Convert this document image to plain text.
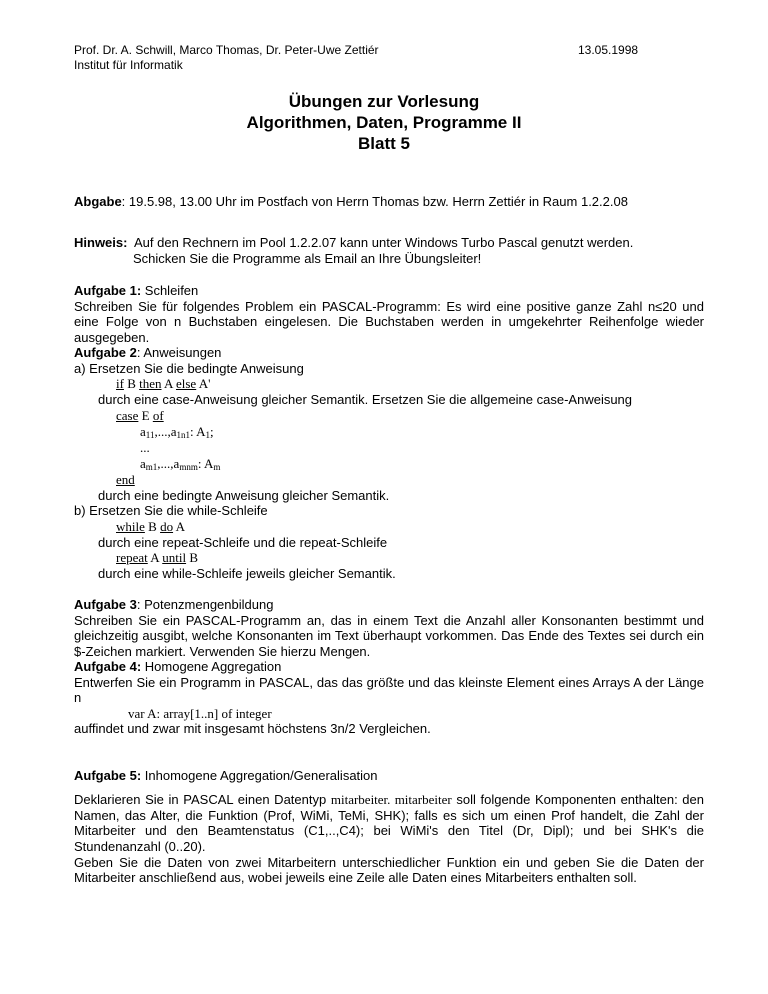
Prof. Dr. A. Schwill, Marco Thomas, Dr. Peter-Uwe Zettiér
Institut für Informatik
13.05.1998
Übungen zur Vorlesung
Algorithmen, Daten, Programme II
Blatt 5
Abgabe: 19.5.98, 13.00 Uhr im Postfach von Herrn Thomas bzw. Herrn Zettiér in Raum 1.2.2.08
Hinweis: Auf den Rechnern im Pool 1.2.2.07 kann unter Windows Turbo Pascal genutzt werden.
Schicken Sie die Programme als Email an Ihre Übungsleiter!
Aufgabe 1: Schleifen
Schreiben Sie für folgendes Problem ein PASCAL-Programm: Es wird eine positive ganze Zahl n≤20 und eine Folge von n Buchstaben eingelesen. Die Buchstaben werden in umgekehrter Reihenfolge wieder ausgegeben.
Aufgabe 2: Anweisungen
a) Ersetzen Sie die bedingte Anweisung
if B then A else A'
durch eine case-Anweisung gleicher Semantik. Ersetzen Sie die allgemeine case-Anweisung
case E of
$a_{11},...,a_{1n1}$: $A_1$;
...
$a_{m1},...,a_{mnm}$: $A_m$
end
durch eine bedingte Anweisung gleicher Semantik.
b) Ersetzen Sie die while-Schleife
while B do A
durch eine repeat-Schleife und die repeat-Schleife
repeat A until B
durch eine while-Schleife jeweils gleicher Semantik.
Aufgabe 3: Potenzmengenbildung
Schreiben Sie ein PASCAL-Programm an, das in einem Text die Anzahl aller Konsonanten bestimmt und gleichzeitig ausgibt, welche Konsonanten im Text überhaupt vorkommen. Das Ende des Textes sei durch ein $-Zeichen markiert. Verwenden Sie hierzu Mengen.
Aufgabe 4: Homogene Aggregation
Entwerfen Sie ein Programm in PASCAL, das das größte und das kleinste Element eines Arrays A der Länge n
var A: array[1..n] of integer
auffindet und zwar mit insgesamt höchstens 3n/2 Vergleichen.
Aufgabe 5: Inhomogene Aggregation/Generalisation
Deklarieren Sie in PASCAL einen Datentyp mitarbeiter. mitarbeiter soll folgende Komponenten enthalten: den Namen, das Alter, die Funktion (Prof, WiMi, TeMi, SHK); falls es sich um einen Prof handelt, die Zahl der Mitarbeiter und den Beamtenstatus (C1,..,C4); bei WiMi's den Titel (Dr, Dipl); und bei SHK's die Stundenanzahl (0..20).
Geben Sie die Daten von zwei Mitarbeitern unterschiedlicher Funktion ein und geben Sie die Daten der Mitarbeiter anschließend aus, wobei jeweils eine Zeile alle Daten eines Mitarbeiters enthalten soll.
